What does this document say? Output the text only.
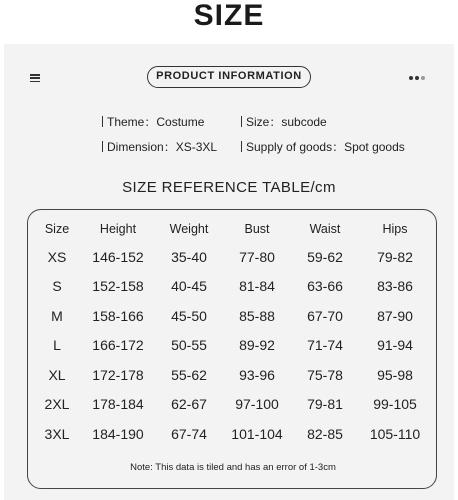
SIZE
PRODUCT INFORMATION
Theme：Costume	Size：subcode
Dimension：XS-3XL	Supply of goods：Spot goods
SIZE REFERENCE TABLE/cm
Size	Height	Weight	Bust	Waist	Hips
XS	146-152	35-40	77-80	59-62	79-82
S	152-158	40-45	81-84	63-66	83-86
M	158-166	45-50	85-88	67-70	87-90
L	166-172	50-55	89-92	71-74	91-94
XL	172-178	55-62	93-96	75-78	95-98
2XL	178-184	62-67	97-100	79-81	99-105
3XL	184-190	67-74	101-104	82-85	105-110
Note: This data is tiled and has an error of 1-3cm
